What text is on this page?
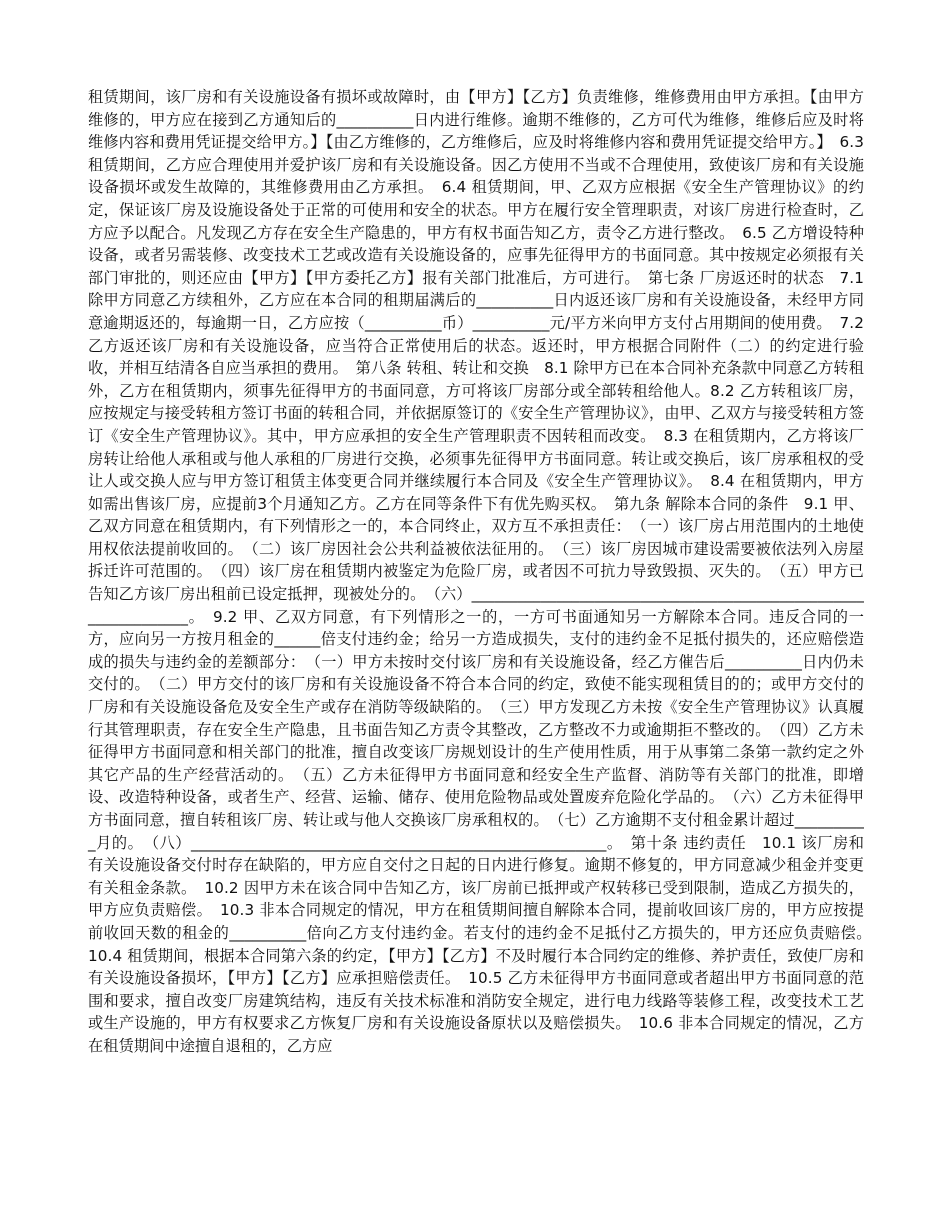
租赁期间，该厂房和有关设施设备有损坏或故障时，由【甲方】【乙方】负责维修，维修费用由甲方承担。【由甲方维修的，甲方应在接到乙方通知后的__________日内进行维修。逾期不维修的，乙方可代为维修，维修后应及时将维修内容和费用凭证提交给甲方。】【由乙方维修的，乙方维修后，应及时将维修内容和费用凭证提交给甲方。】　6.3 租赁期间，乙方应合理使用并爱护该厂房和有关设施设备。因乙方使用不当或不合理使用，致使该厂房和有关设施设备损坏或发生故障的，其维修费用由乙方承担。　6.4 租赁期间，甲、乙双方应根据《安全生产管理协议》的约定，保证该厂房及设施设备处于正常的可使用和安全的状态。甲方在履行安全管理职责，对该厂房进行检查时，乙方应予以配合。凡发现乙方存在安全生产隐患的，甲方有权书面告知乙方，责令乙方进行整改。　6.5 乙方增设特种设备，或者另需装修、改变技术工艺或改造有关设施设备的，应事先征得甲方的书面同意。其中按规定必须报有关部门审批的，则还应由【甲方】【甲方委托乙方】报有关部门批准后，方可进行。　第七条 厂房返还时的状态　7.1 除甲方同意乙方续租外，乙方应在本合同的租期届满后的__________日内返还该厂房和有关设施设备，未经甲方同意逾期返还的，每逾期一日，乙方应按（__________币）__________元/平方米向甲方支付占用期间的使用费。　7.2 乙方返还该厂房和有关设施设备，应当符合正常使用后的状态。返还时，甲方根据合同附件（二）的约定进行验收，并相互结清各自应当承担的费用。　第八条 转租、转让和交换　8.1 除甲方已在本合同补充条款中同意乙方转租外，乙方在租赁期内，须事先征得甲方的书面同意，方可将该厂房部分或全部转租给他人。8.2 乙方转租该厂房，应按规定与接受转租方签订书面的转租合同，并依据原签订的《安全生产管理协议》，由甲、乙双方与接受转租方签订《安全生产管理协议》。其中，甲方应承担的安全生产管理职责不因转租而改变。　8.3 在租赁期内，乙方将该厂房转让给他人承租或与他人承租的厂房进行交换，必须事先征得甲方书面同意。转让或交换后，该厂房承租权的受让人或交换人应与甲方签订租赁主体变更合同并继续履行本合同及《安全生产管理协议》。　8.4 在租赁期内，甲方如需出售该厂房，应提前3个月通知乙方。乙方在同等条件下有优先购买权。　第九条 解除本合同的条件　9.1 甲、乙双方同意在租赁期内，有下列情形之一的，本合同终止，双方互不承担责任：　（一）该厂房占用范围内的土地使用权依法提前收回的。　（二）该厂房因社会公共利益被依法征用的。　（三）该厂房因城市建设需要被依法列入房屋拆迁许可范围的。　（四）该厂房在租赁期内被鉴定为危险厂房，或者因不可抗力导致毁损、灭失的。　（五）甲方已告知乙方该厂房出租前已设定抵押，现被处分的。　（六）________________________________________________________________。　9.2 甲、乙双方同意，有下列情形之一的，一方可书面通知另一方解除本合同。违反合同的一方，应向另一方按月租金的______倍支付违约金；给另一方造成损失，支付的违约金不足抵付损失的，还应赔偿造成的损失与违约金的差额部分：　（一）甲方未按时交付该厂房和有关设施设备，经乙方催告后__________日内仍未交付的。　（二）甲方交付的该厂房和有关设施设备不符合本合同的约定，致使不能实现租赁目的的；或甲方交付的厂房和有关设施设备危及安全生产或存在消防等级缺陷的。　（三）甲方发现乙方未按《安全生产管理协议》认真履行其管理职责，存在安全生产隐患，且书面告知乙方责令其整改，乙方整改不力或逾期拒不整改的。　（四）乙方未征得甲方书面同意和相关部门的批准，擅自改变该厂房规划设计的生产使用性质，用于从事第二条第一款约定之外其它产品的生产经营活动的。　（五）乙方未征得甲方书面同意和经安全生产监督、消防等有关部门的批准，即增设、改造特种设备，或者生产、经营、运输、储存、使用危险物品或处置废弃危险化学品的。　（六）乙方未征得甲方书面同意，擅自转租该厂房、转让或与他人交换该厂房承租权的。　（七）乙方逾期不支付租金累计超过__________月的。　（八）______________________________________________________。　第十条 违约责任　10.1 该厂房和有关设施设备交付时存在缺陷的，甲方应自交付之日起的日内进行修复。逾期不修复的，甲方同意减少租金并变更有关租金条款。　10.2 因甲方未在该合同中告知乙方，该厂房前已抵押或产权转移已受到限制，造成乙方损失的，甲方应负责赔偿。　10.3 非本合同规定的情况，甲方在租赁期间擅自解除本合同，提前收回该厂房的，甲方应按提前收回天数的租金的__________倍向乙方支付违约金。若支付的违约金不足抵付乙方损失的，甲方还应负责赔偿。　10.4 租赁期间，根据本合同第六条的约定，【甲方】【乙方】不及时履行本合同约定的维修、养护责任，致使厂房和有关设施设备损坏，【甲方】【乙方】应承担赔偿责任。　10.5 乙方未征得甲方书面同意或者超出甲方书面同意的范围和要求，擅自改变厂房建筑结构，违反有关技术标准和消防安全规定，进行电力线路等装修工程，改变技术工艺或生产设施的，甲方有权要求乙方恢复厂房和有关设施设备原状以及赔偿损失。　10.6 非本合同规定的情况，乙方在租赁期间中途擅自退租的，乙方应
